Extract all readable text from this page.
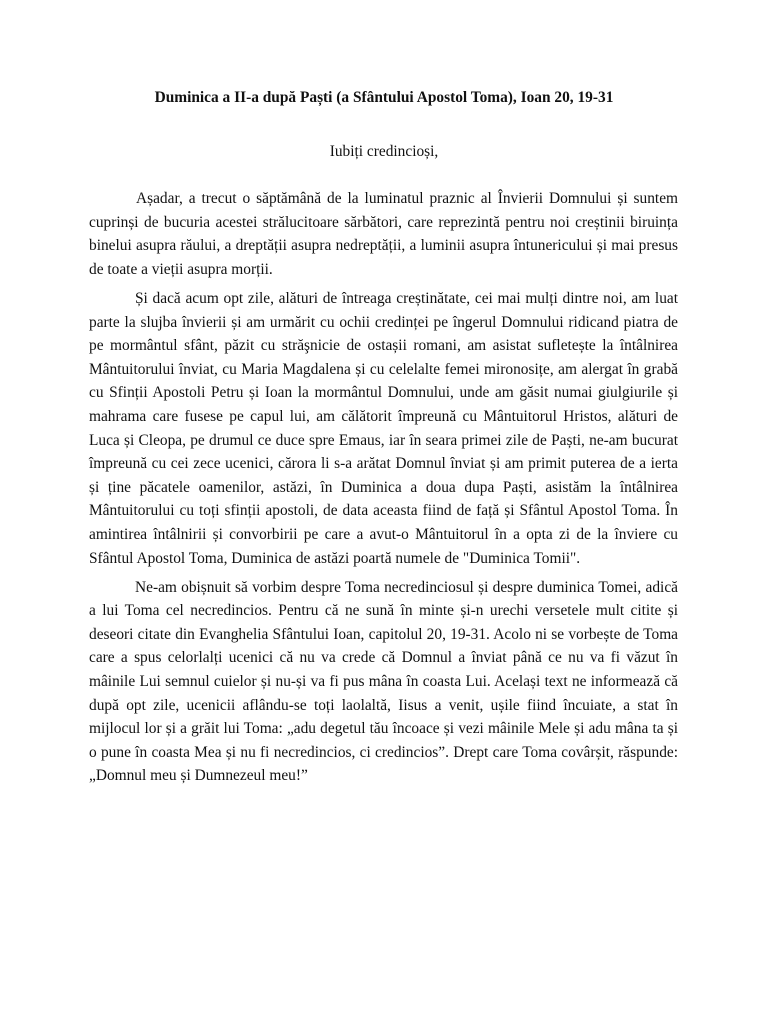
Duminica a II-a după Paști (a Sfântului Apostol Toma), Ioan 20, 19-31

Iubiți credincioși,

Așadar, a trecut o săptămână de la luminatul praznic al Învierii Domnului și suntem cuprinși de bucuria acestei strălucitoare sărbători, care reprezintă pentru noi creștinii biruința binelui asupra răului, a dreptății asupra nedreptății, a luminii asupra întunericului și mai presus de toate a vieții asupra morții.

Și dacă acum opt zile, alături de întreaga creștinătate, cei mai mulți dintre noi, am luat parte la slujba învierii și am urmărit cu ochii credinței pe îngerul Domnului ridicand piatra de pe mormântul sfânt, păzit cu străşnicie de ostașii romani, am asistat sufletește la întâlnirea Mântuitorului înviat, cu Maria Magdalena și cu celelalte femei mironosițe, am alergat în grabă cu Sfinții Apostoli Petru și Ioan la mormântul Domnului, unde am găsit numai giulgiurile și mahrama care fusese pe capul lui, am călătorit împreună cu Mântuitorul Hristos, alături de Luca și Cleopa, pe drumul ce duce spre Emaus, iar în seara primei zile de Paști, ne-am bucurat împreună cu cei zece ucenici, cărora li s-a arătat Domnul înviat și am primit puterea de a ierta și ține păcatele oamenilor, astăzi, în Duminica a doua dupa Paști, asistăm la întâlnirea Mântuitorului cu toți sfinții apostoli, de data aceasta fiind de față și Sfântul Apostol Toma. În amintirea întâlnirii și convorbirii pe care a avut-o Mântuitorul în a opta zi de la înviere cu Sfântul Apostol Toma, Duminica de astăzi poartă numele de "Duminica Tomii".

Ne-am obișnuit să vorbim despre Toma necredinciosul și despre duminica Tomei, adică a lui Toma cel necredincios. Pentru că ne sună în minte și-n urechi versetele mult citite și deseori citate din Evanghelia Sfântului Ioan, capitolul 20, 19-31. Acolo ni se vorbește de Toma care a spus celorlalți ucenici că nu va crede că Domnul a înviat până ce nu va fi văzut în mâinile Lui semnul cuielor și nu-și va fi pus mâna în coasta Lui. Același text ne informează că după opt zile, ucenicii aflându-se toți laolaltă, Iisus a venit, ușile fiind încuiate, a stat în mijlocul lor și a grăit lui Toma: „adu degetul tău încoace și vezi mâinile Mele și adu mâna ta și o pune în coasta Mea și nu fi necredincios, ci credincios”. Drept care Toma covârșit, răspunde: „Domnul meu și Dumnezeul meu!”
